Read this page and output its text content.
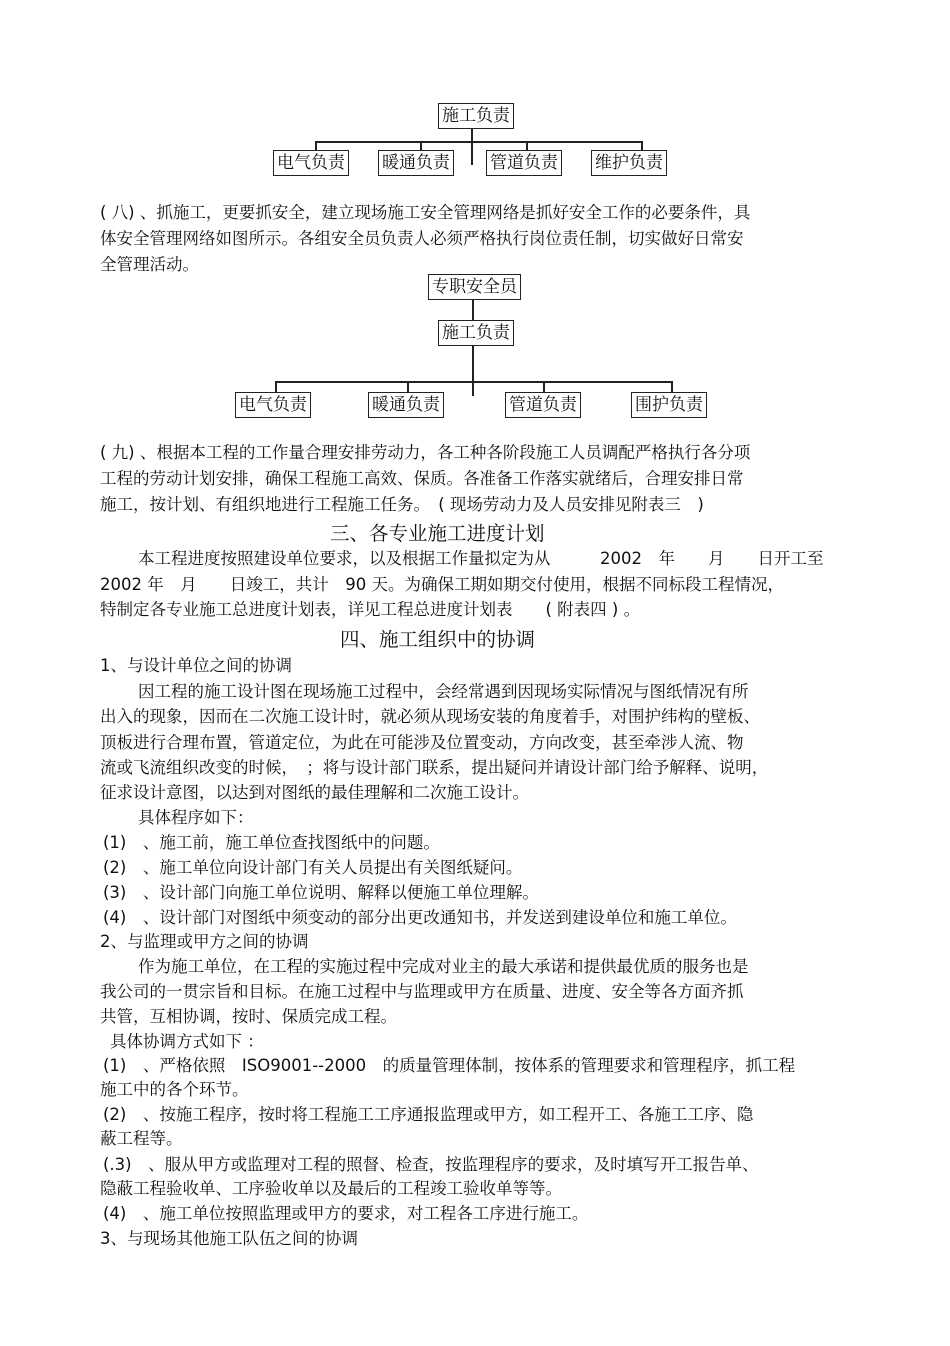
施工负责
电气负责 暖通负责 管道负责 维护负责
( 八) 、抓施工，更要抓安全，建立现场施工安全管理网络是抓好安全工作的必要条件，具
体安全管理网络如图所示。各组安全员负责人必须严格执行岗位责任制，切实做好日常安
全管理活动。
专职安全员
施工负责
电气负责	暖通负责	管道负责	围护负责
( 九) 、根据本工程的工作量合理安排劳动力，各工种各阶段施工人员调配严格执行各分项
工程的劳动计划安排，确保工程施工高效、保质。各准备工作落实就绪后，合理安排日常
施工，按计划、有组织地进行工程施工任务。　( 现场劳动力及人员安排见附表三　)
三、各专业施工进度计划
本工程进度按照建设单位要求，以及根据工作量拟定为从　　　2002　年　　月　　日开工至
2002 年　月　　日竣工，共计　90 天。为确保工期如期交付使用，根据不同标段工程情况，
特制定各专业施工总进度计划表，详见工程总进度计划表　　( 附表四 ) 。
四、施工组织中的协调
1、与设计单位之间的协调
因工程的施工设计图在现场施工过程中，会经常遇到因现场实际情况与图纸情况有所
出入的现象，因而在二次施工设计时，就必须从现场安装的角度着手，对围护纬构的壁板、
顶板进行合理布置，管道定位，为此在可能涉及位置变动，方向改变，甚至牵涉人流、物
流或飞流组织改变的时候，　；将与设计部门联系，提出疑问并请设计部门给予解释、说明，
征求设计意图，以达到对图纸的最佳理解和二次施工设计。
具体程序如下：
(1)　、施工前，施工单位查找图纸中的问题。
(2)　、施工单位向设计部门有关人员提出有关图纸疑问。
(3)　、设计部门向施工单位说明、解释以便施工单位理解。
(4)　、设计部门对图纸中须变动的部分出更改通知书，并发送到建设单位和施工单位。
2、与监理或甲方之间的协调
作为施工单位，在工程的实施过程中完成对业主的最大承诺和提供最优质的服务也是
我公司的一贯宗旨和目标。在施工过程中与监理或甲方在质量、进度、安全等各方面齐抓
共管，互相协调，按时、保质完成工程。
具体协调方式如下 ：
(1)　、严格依照　ISO9001--2000　的质量管理体制，按体系的管理要求和管理程序，抓工程
施工中的各个环节。
(2)　、按施工程序，按时将工程施工工序通报监理或甲方，如工程开工、各施工工序、隐
蔽工程等。
(.3)　、服从甲方或监理对工程的照督、检查，按监理程序的要求，及时填写开工报告单、
隐蔽工程验收单、工序验收单以及最后的工程竣工验收单等等。
(4)　、施工单位按照监理或甲方的要求，对工程各工序进行施工。
3、与现场其他施工队伍之间的协调
